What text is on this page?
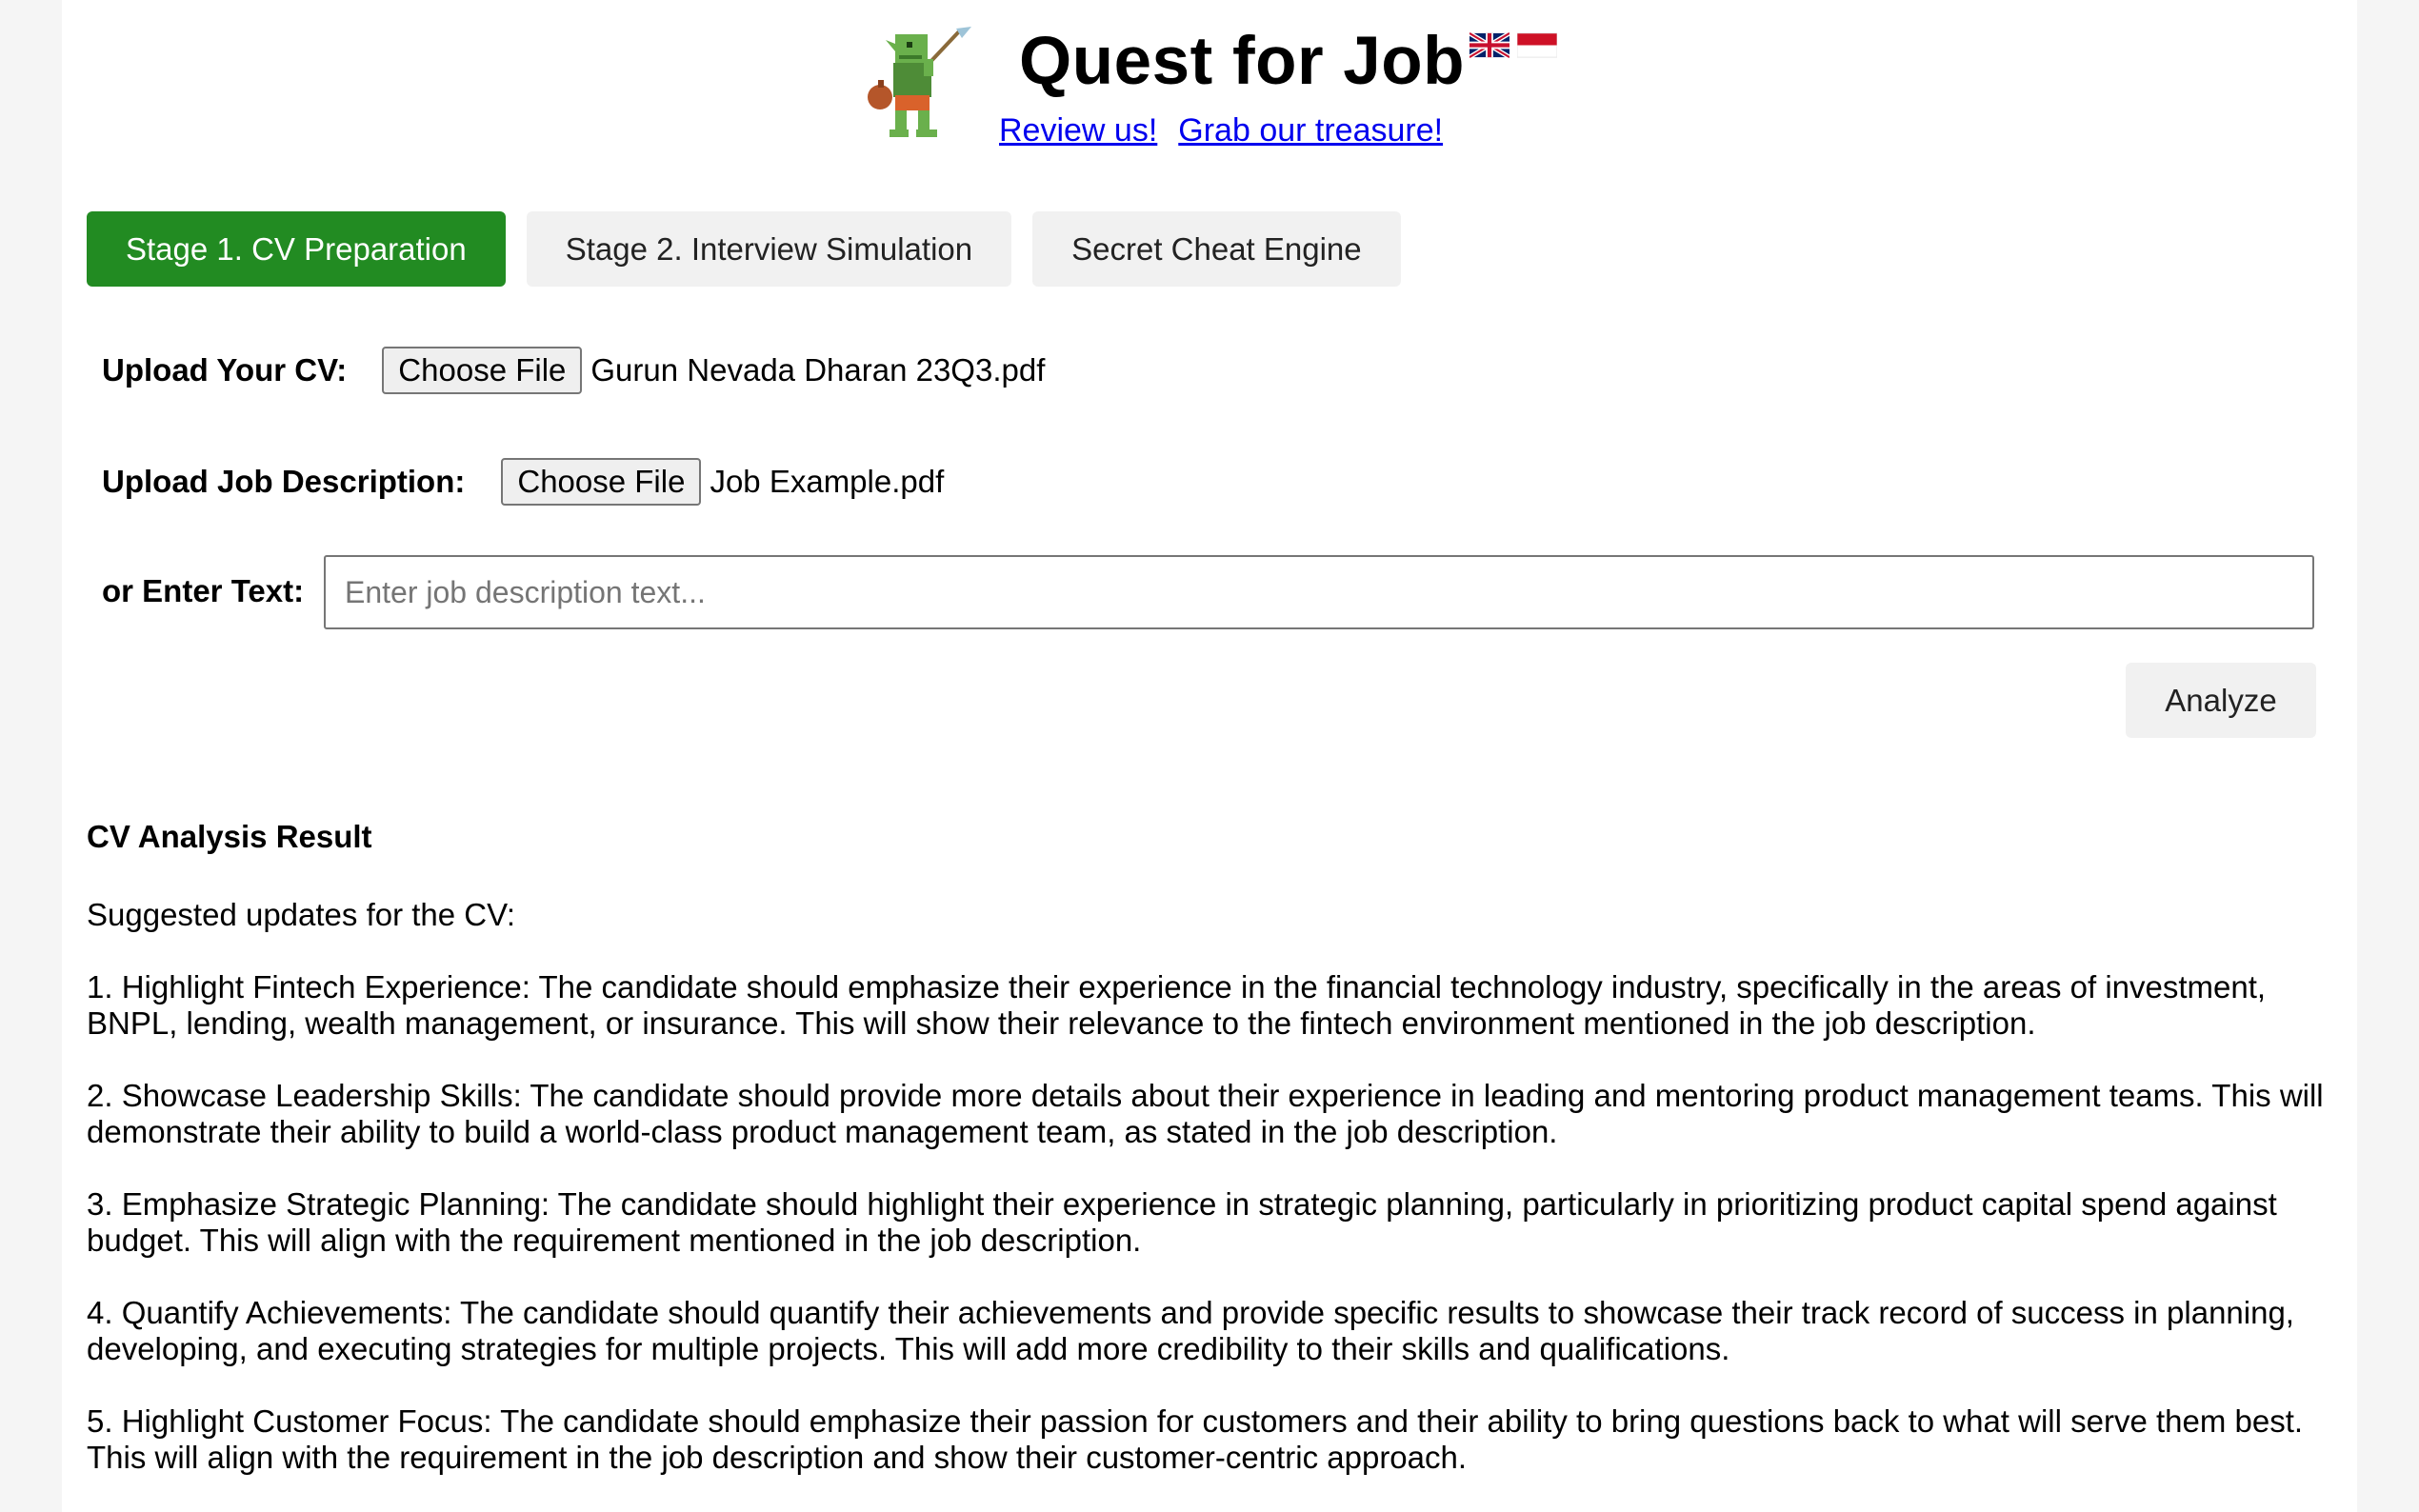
Quest for Job
Review us! Grab our treasure!
Stage 1. CV Preparation	Stage 2. Interview Simulation	Secret Cheat Engine
Upload Your CV:	Choose File Gurun Nevada Dharan 23Q3.pdf
Upload Job Description:	Choose File Job Example.pdf
or Enter Text:
Enter job description text...
Analyze

CV Analysis Result

Suggested updates for the CV:

1. Highlight Fintech Experience: The candidate should emphasize their experience in the financial technology industry, specifically in the areas of investment, BNPL, lending, wealth management, or insurance. This will show their relevance to the fintech environment mentioned in the job description.

2. Showcase Leadership Skills: The candidate should provide more details about their experience in leading and mentoring product management teams. This will demonstrate their ability to build a world-class product management team, as stated in the job description.

3. Emphasize Strategic Planning: The candidate should highlight their experience in strategic planning, particularly in prioritizing product capital spend against budget. This will align with the requirement mentioned in the job description.

4. Quantify Achievements: The candidate should quantify their achievements and provide specific results to showcase their track record of success in planning, developing, and executing strategies for multiple projects. This will add more credibility to their skills and qualifications.

5. Highlight Customer Focus: The candidate should emphasize their passion for customers and their ability to bring questions back to what will serve them best. This will align with the requirement in the job description and show their customer-centric approach.
